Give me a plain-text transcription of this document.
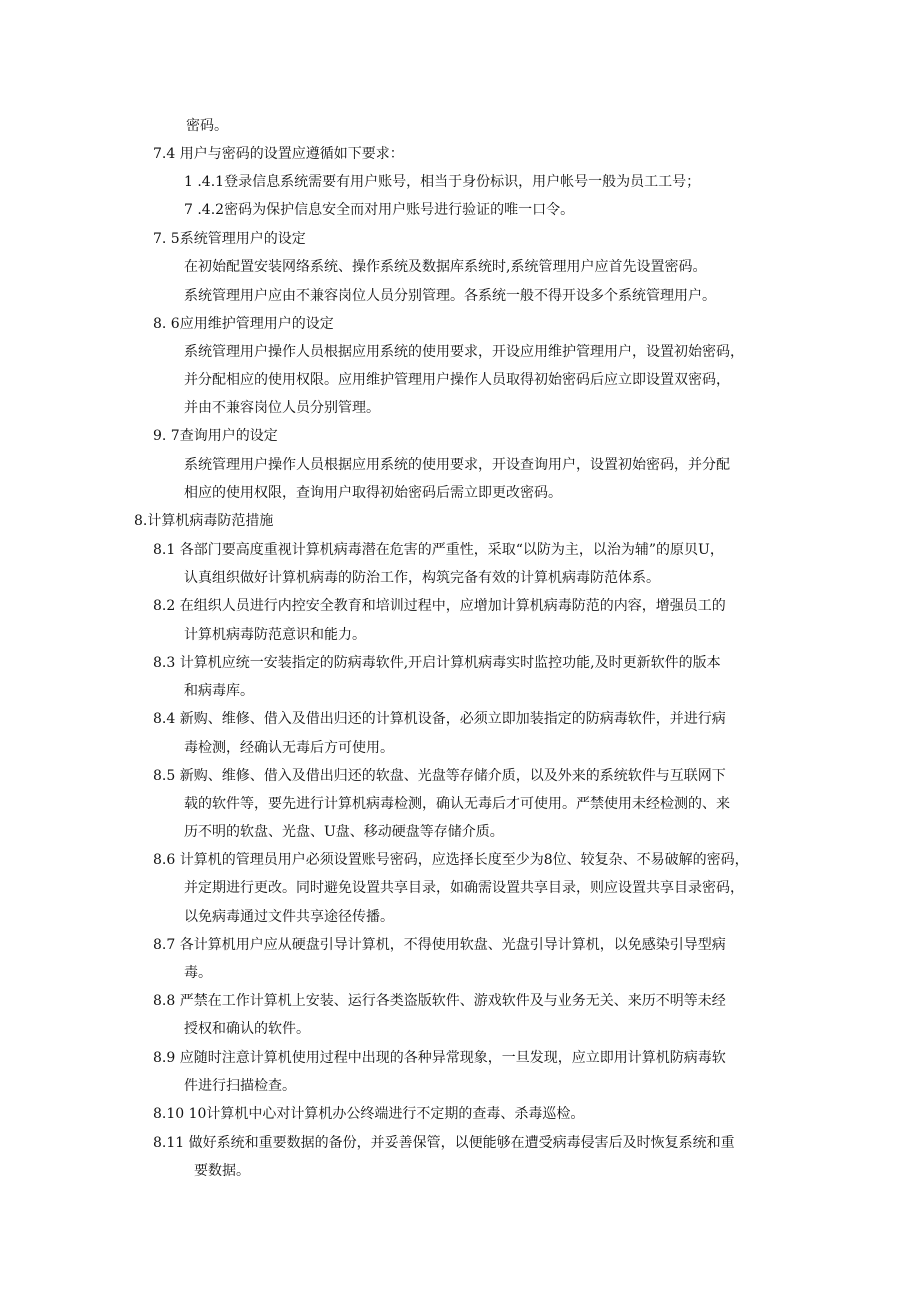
密码。
7.4 用户与密码的设置应遵循如下要求：
1 .4.1登录信息系统需要有用户账号，相当于身份标识，用户帐号一般为员工工号；
7 .4.2密码为保护信息安全而对用户账号进行验证的唯一口令。
7. 5系统管理用户的设定
在初始配置安装网络系统、操作系统及数据库系统时,系统管理用户应首先设置密码。
系统管理用户应由不兼容岗位人员分别管理。各系统一般不得开设多个系统管理用户。
8. 6应用维护管理用户的设定
系统管理用户操作人员根据应用系统的使用要求，开设应用维护管理用户，设置初始密码，
并分配相应的使用权限。应用维护管理用户操作人员取得初始密码后应立即设置双密码，
并由不兼容岗位人员分别管理。
9. 7查询用户的设定
系统管理用户操作人员根据应用系统的使用要求，开设查询用户，设置初始密码，并分配
相应的使用权限，查询用户取得初始密码后需立即更改密码。
8.计算机病毒防范措施
8.1 各部门要高度重视计算机病毒潜在危害的严重性，采取“以防为主，以治为辅”的原贝U，
认真组织做好计算机病毒的防治工作，构筑完备有效的计算机病毒防范体系。
8.2 在组织人员进行内控安全教育和培训过程中，应增加计算机病毒防范的内容，增强员工的
计算机病毒防范意识和能力。
8.3 计算机应统一安装指定的防病毒软件,开启计算机病毒实时监控功能,及时更新软件的版本
和病毒库。
8.4 新购、维修、借入及借出归还的计算机设备，必须立即加装指定的防病毒软件，并进行病
毒检测，经确认无毒后方可使用。
8.5 新购、维修、借入及借出归还的软盘、光盘等存储介质，以及外来的系统软件与互联网下
载的软件等，要先进行计算机病毒检测，确认无毒后才可使用。严禁使用未经检测的、来
历不明的软盘、光盘、U盘、移动硬盘等存储介质。
8.6 计算机的管理员用户必须设置账号密码，应选择长度至少为8位、较复杂、不易破解的密码，
并定期进行更改。同时避免设置共享目录，如确需设置共享目录，则应设置共享目录密码，
以免病毒通过文件共享途径传播。
8.7 各计算机用户应从硬盘引导计算机，不得使用软盘、光盘引导计算机，以免感染引导型病
毒。
8.8 严禁在工作计算机上安装、运行各类盗版软件、游戏软件及与业务无关、来历不明等未经
授权和确认的软件。
8.9 应随时注意计算机使用过程中出现的各种异常现象，一旦发现，应立即用计算机防病毒软
件进行扫描检查。
8.10 10计算机中心对计算机办公终端进行不定期的查毒、杀毒巡检。
8.11 做好系统和重要数据的备份，并妥善保管，以便能够在遭受病毒侵害后及时恢复系统和重
要数据。
